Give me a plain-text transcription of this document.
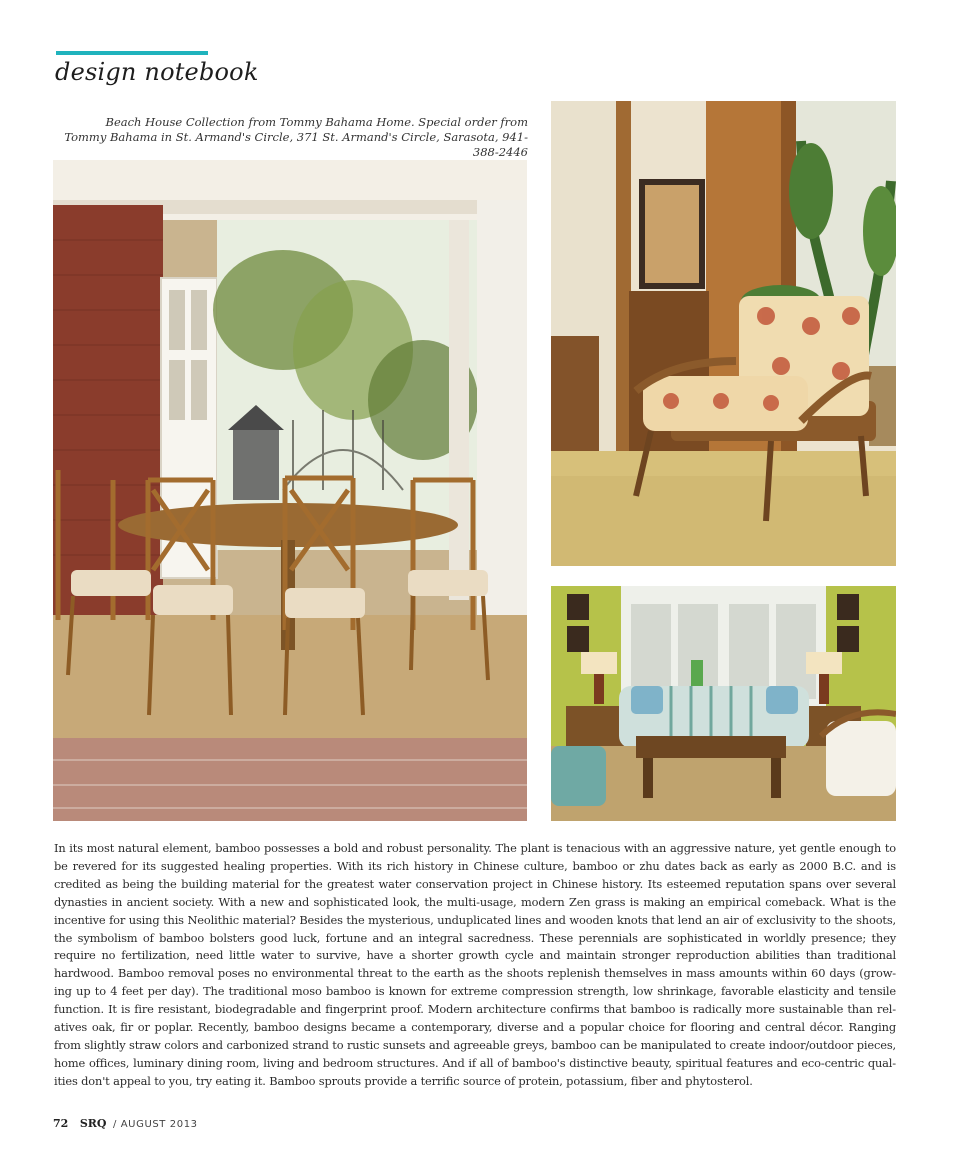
design notebook
Beach House Collection from Tommy Bahama Home. Special order from Tommy Bahama in St. Armand's Circle, 371 St. Armand's Circle, Sarasota, 941-388-2446

In its most natural element, bamboo possesses a bold and robust personality. The plant is tenacious with an aggressive nature, yet gentle enough to be revered for its suggested healing properties. With its rich history in Chinese culture, bamboo or zhu dates back as early as 2000 B.C. and is credited as being the building material for the greatest water conservation project in Chinese history. Its esteemed reputation spans over several dynasties in ancient society. With a new and sophisticated look, the multi-usage, modern Zen grass is making an empirical comeback. What is the incentive for using this Neolithic material? Besides the mysterious, unduplicated lines and wooden knots that lend an air of exclusivity to the shoots, the symbolism of bamboo bolsters good luck, fortune and an integral sacredness. These perennials are sophisticated in worldly presence; they require no fertilization, need little water to survive, have a shorter growth cycle and maintain stronger reproduction abilities than traditional hardwood. Bamboo removal poses no environmental threat to the earth as the shoots replenish themselves in mass amounts within 60 days (grow-ing up to 4 feet per day). The traditional moso bamboo is known for extreme compression strength, low shrinkage, favorable elasticity and tensile function. It is fire resistant, biodegradable and fingerprint proof. Modern architecture confirms that bamboo is radically more sustainable than rel-atives oak, fir or poplar. Recently, bamboo designs became a contemporary, diverse and a popular choice for flooring and central décor. Ranging from slightly straw colors and carbonized strand to rustic sunsets and agreeable greys, bamboo can be manipulated to create indoor/outdoor pieces, home offices, luminary dining room, living and bedroom structures. And if all of bamboo's distinctive beauty, spiritual features and eco-centric qual-ities don't appeal to you, try eating it. Bamboo sprouts provide a terrific source of protein, potassium, fiber and phytosterol.

72 SRQ / AUGUST 2013
